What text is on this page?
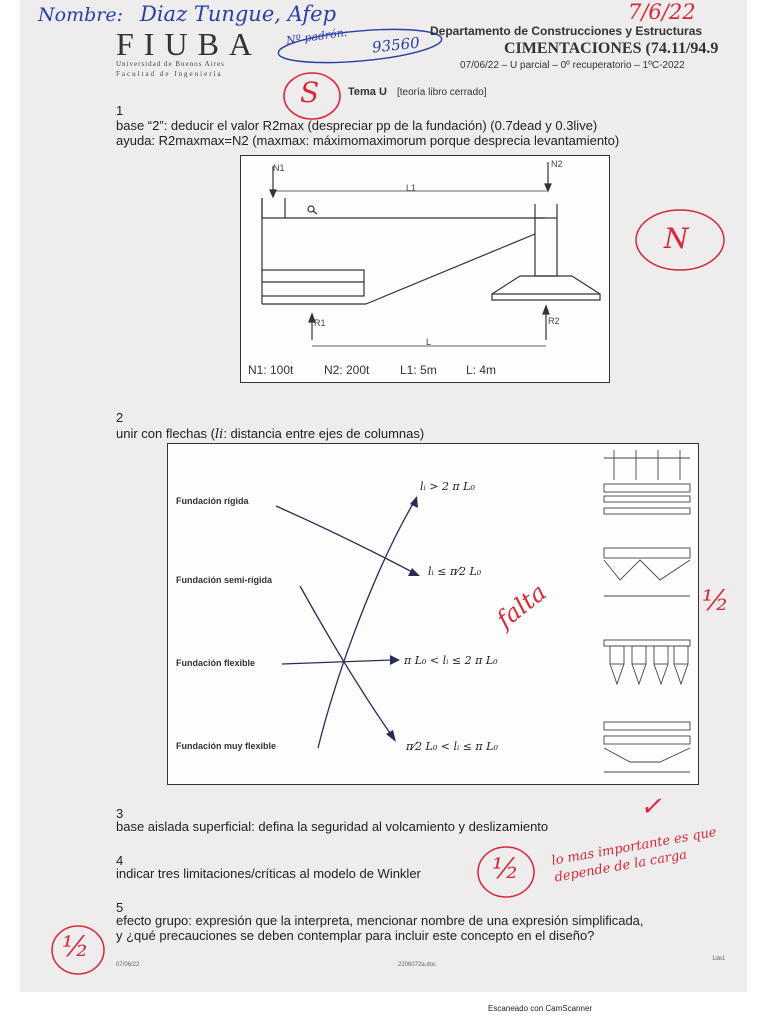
Nombre: Diaz Tungue, Afep	7/6/22
Nº padrón: 93560
FIUBA
Universidad de Buenos Aires
Facultad de Ingeniería
Departamento de Construcciones y Estructuras
CIMENTACIONES (74.11/94.9
07/06/22 – U parcial – 0º recuperatorio – 1ºC-2022
Tema U [teoría libro cerrado]
S
1
base “2”: deducir el valor R2max (despreciar pp de la fundación) (0.7dead y 0.3live)
ayuda: R2maxmax=N2 (maxmax: máximomaximorum porque desprecia levantamiento)
N1	N2
L1
R1	R2
L
N1: 100t	N2: 200t	L1: 5m L: 4m
N
2
unir con flechas (li: distancia entre ejes de columnas)
Fundación rígida
Fundación semi-rígida
Fundación flexible
Fundación muy flexible
lᵢ > 2 π L₀
lᵢ ≤ π⁄2 L₀
π L₀ < lᵢ ≤ 2 π L₀
π⁄2 L₀ < lᵢ ≤ π L₀
falta	½
3
base aislada superficial: defina la seguridad al volcamiento y deslizamiento
✓
4
indicar tres limitaciones/críticas al modelo de Winkler	½ lo mas importante es que depende de la carga
5
efecto grupo: expresión que la interpreta, mencionar nombre de una expresión simplificada,
y ¿qué precauciones se deben contemplar para incluir este concepto en el diseño?
½
07/06/22	2206072a.doc
1de1
Escaneado con CamScanner
